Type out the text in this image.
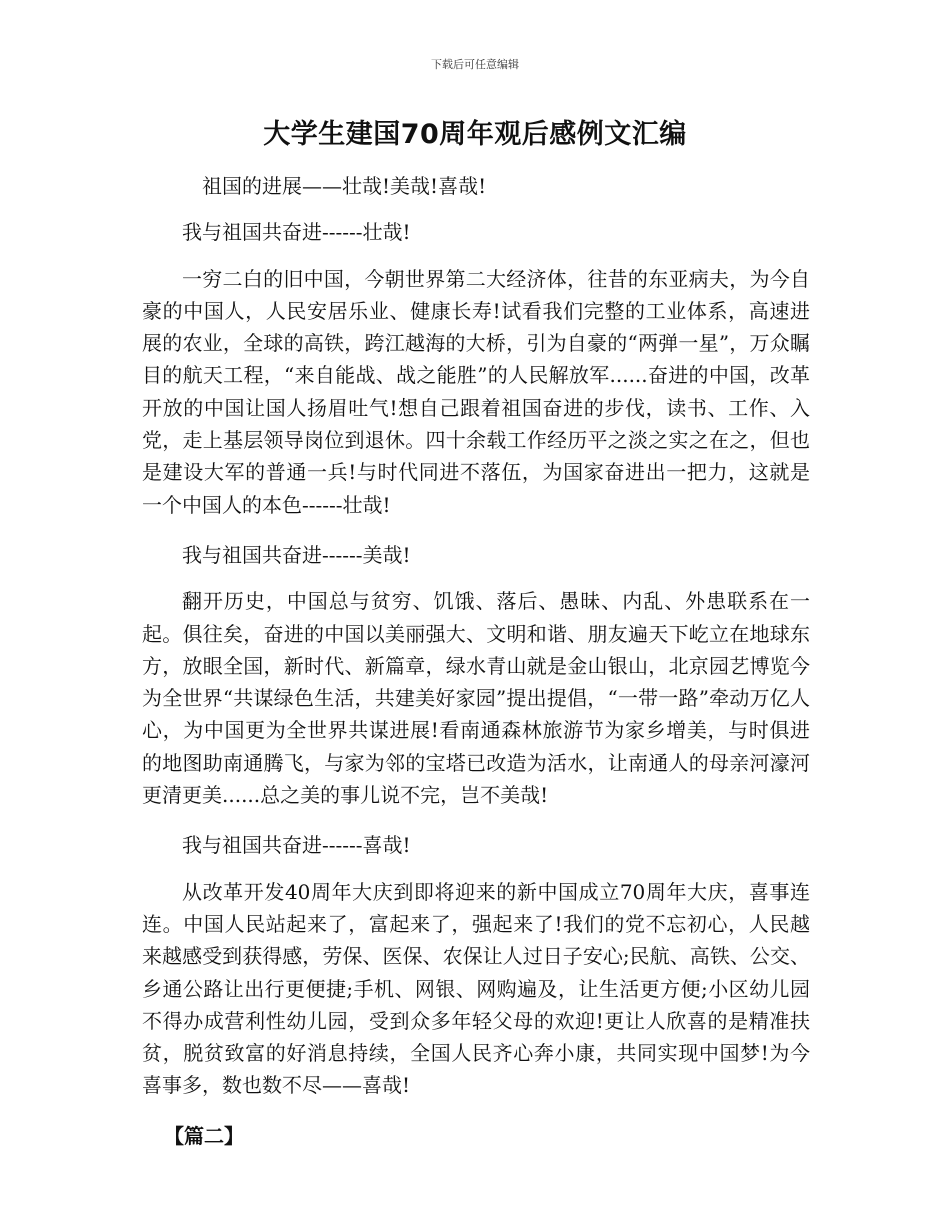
下载后可任意编辑
大学生建国70周年观后感例文汇编

祖国的进展——壮哉!美哉!喜哉!

我与祖国共奋进------壮哉!

一穷二白的旧中国，今朝世界第二大经济体，往昔的东亚病夫，为今自豪的中国人，人民安居乐业、健康长寿!试看我们完整的工业体系，高速进展的农业，全球的高铁，跨江越海的大桥，引为自豪的“两弹一星”，万众瞩目的航天工程，“来自能战、战之能胜”的人民解放军......奋进的中国，改革开放的中国让国人扬眉吐气!想自己跟着祖国奋进的步伐，读书、工作、入党，走上基层领导岗位到退休。四十余载工作经历平之淡之实之在之，但也是建设大军的普通一兵!与时代同进不落伍，为国家奋进出一把力，这就是一个中国人的本色------壮哉!

我与祖国共奋进------美哉!

翻开历史，中国总与贫穷、饥饿、落后、愚昧、内乱、外患联系在一起。俱往矣，奋进的中国以美丽强大、文明和谐、朋友遍天下屹立在地球东方，放眼全国，新时代、新篇章，绿水青山就是金山银山，北京园艺博览今为全世界“共谋绿色生活，共建美好家园”提出提倡，“一带一路”牵动万亿人心，为中国更为全世界共谋进展!看南通森林旅游节为家乡增美，与时俱进的地图助南通腾飞，与家为邻的宝塔已改造为活水，让南通人的母亲河濠河更清更美......总之美的事儿说不完，岂不美哉!

我与祖国共奋进------喜哉!

从改革开发40周年大庆到即将迎来的新中国成立70周年大庆，喜事连连。中国人民站起来了，富起来了，强起来了!我们的党不忘初心，人民越来越感受到获得感，劳保、医保、农保让人过日子安心;民航、高铁、公交、乡通公路让出行更便捷;手机、网银、网购遍及，让生活更方便;小区幼儿园不得办成营利性幼儿园，受到众多年轻父母的欢迎!更让人欣喜的是精准扶贫，脱贫致富的好消息持续，全国人民齐心奔小康，共同实现中国梦!为今喜事多，数也数不尽——喜哉!

【篇二】
